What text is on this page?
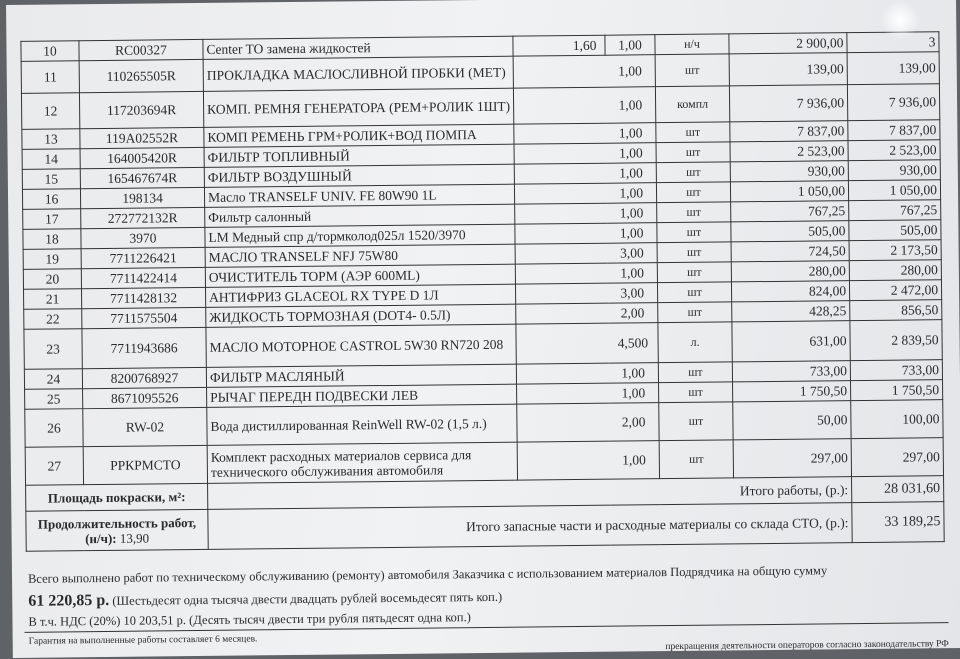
10	RC00327	Center TO замена жидкостей	1,60	1,00	н/ч	2 900,00	3
11	110265505R	ПРОКЛАДКА МАСЛОСЛИВНОЙ ПРОБКИ (МЕТ)		1,00	шт	139,00	139,00
12	117203694R	КОМП. РЕМНЯ ГЕНЕРАТОРА (РЕМ+РОЛИК 1ШТ)		1,00	компл	7 936,00	7 936,00
13	119A02552R	КОМП РЕМЕНЬ ГРМ+РОЛИК+ВОД ПОМПА		1,00	шт	7 837,00	7 837,00
14	164005420R	ФИЛЬТР ТОПЛИВНЫЙ		1,00	шт	2 523,00	2 523,00
15	165467674R	ФИЛЬТР ВОЗДУШНЫЙ		1,00	шт	930,00	930,00
16	198134	Масло TRANSELF UNIV. FE 80W90 1L		1,00	шт	1 050,00	1 050,00
17	272772132R	Фильтр салонный		1,00	шт	767,25	767,25
18	3970	LM Медный спр д/тормколод025л 1520/3970		1,00	шт	505,00	505,00
19	7711226421	МАСЛО TRANSELF NFJ 75W80		3,00	шт	724,50	2 173,50
20	7711422414	ОЧИСТИТЕЛЬ ТОРМ (АЭР 600ML)		1,00	шт	280,00	280,00
21	7711428132	АНТИФРИЗ GLACEOL RX TYPE D 1Л		3,00	шт	824,00	2 472,00
22	7711575504	ЖИДКОСТЬ ТОРМОЗНАЯ (DOT4- 0.5Л)		2,00	шт	428,25	856,50
23	7711943686	МАСЛО МОТОРНОЕ CASTROL 5W30 RN720 208		4,500	л.	631,00	2 839,50
24	8200768927	ФИЛЬТР МАСЛЯНЫЙ		1,00	шт	733,00	733,00
25	8671095526	РЫЧАГ ПЕРЕДН ПОДВЕСКИ ЛЕВ		1,00	шт	1 750,50	1 750,50
26	RW-02	Вода дистиллированная ReinWell RW-02 (1,5 л.)		2,00	шт	50,00	100,00
27	РРКРМСТО	Комплект расходных материалов сервиса для технического обслуживания автомобиля		1,00	шт	297,00	297,00
Площадь покраски, м²:		Итого работы, (р.):					28 031,60
Продолжительность работ, (н/ч): 13,90		Итого запасные части и расходные материалы со склада СТО, (р.):					33 189,25
Всего выполнено работ по техническому обслуживанию (ремонту) автомобиля Заказчика с использованием материалов Подрядчика на общую сумму
61 220,85 р. (Шестьдесят одна тысяча двести двадцать рублей восемьдесят пять коп.)
В т.ч. НДС (20%) 10 203,51 р. (Десять тысяч двести три рубля пятьдесят одна коп.)
Гарантия на выполненные работы составляет 6 месяцев.	прекращения деятельности операторов согласно законодательству РФ
